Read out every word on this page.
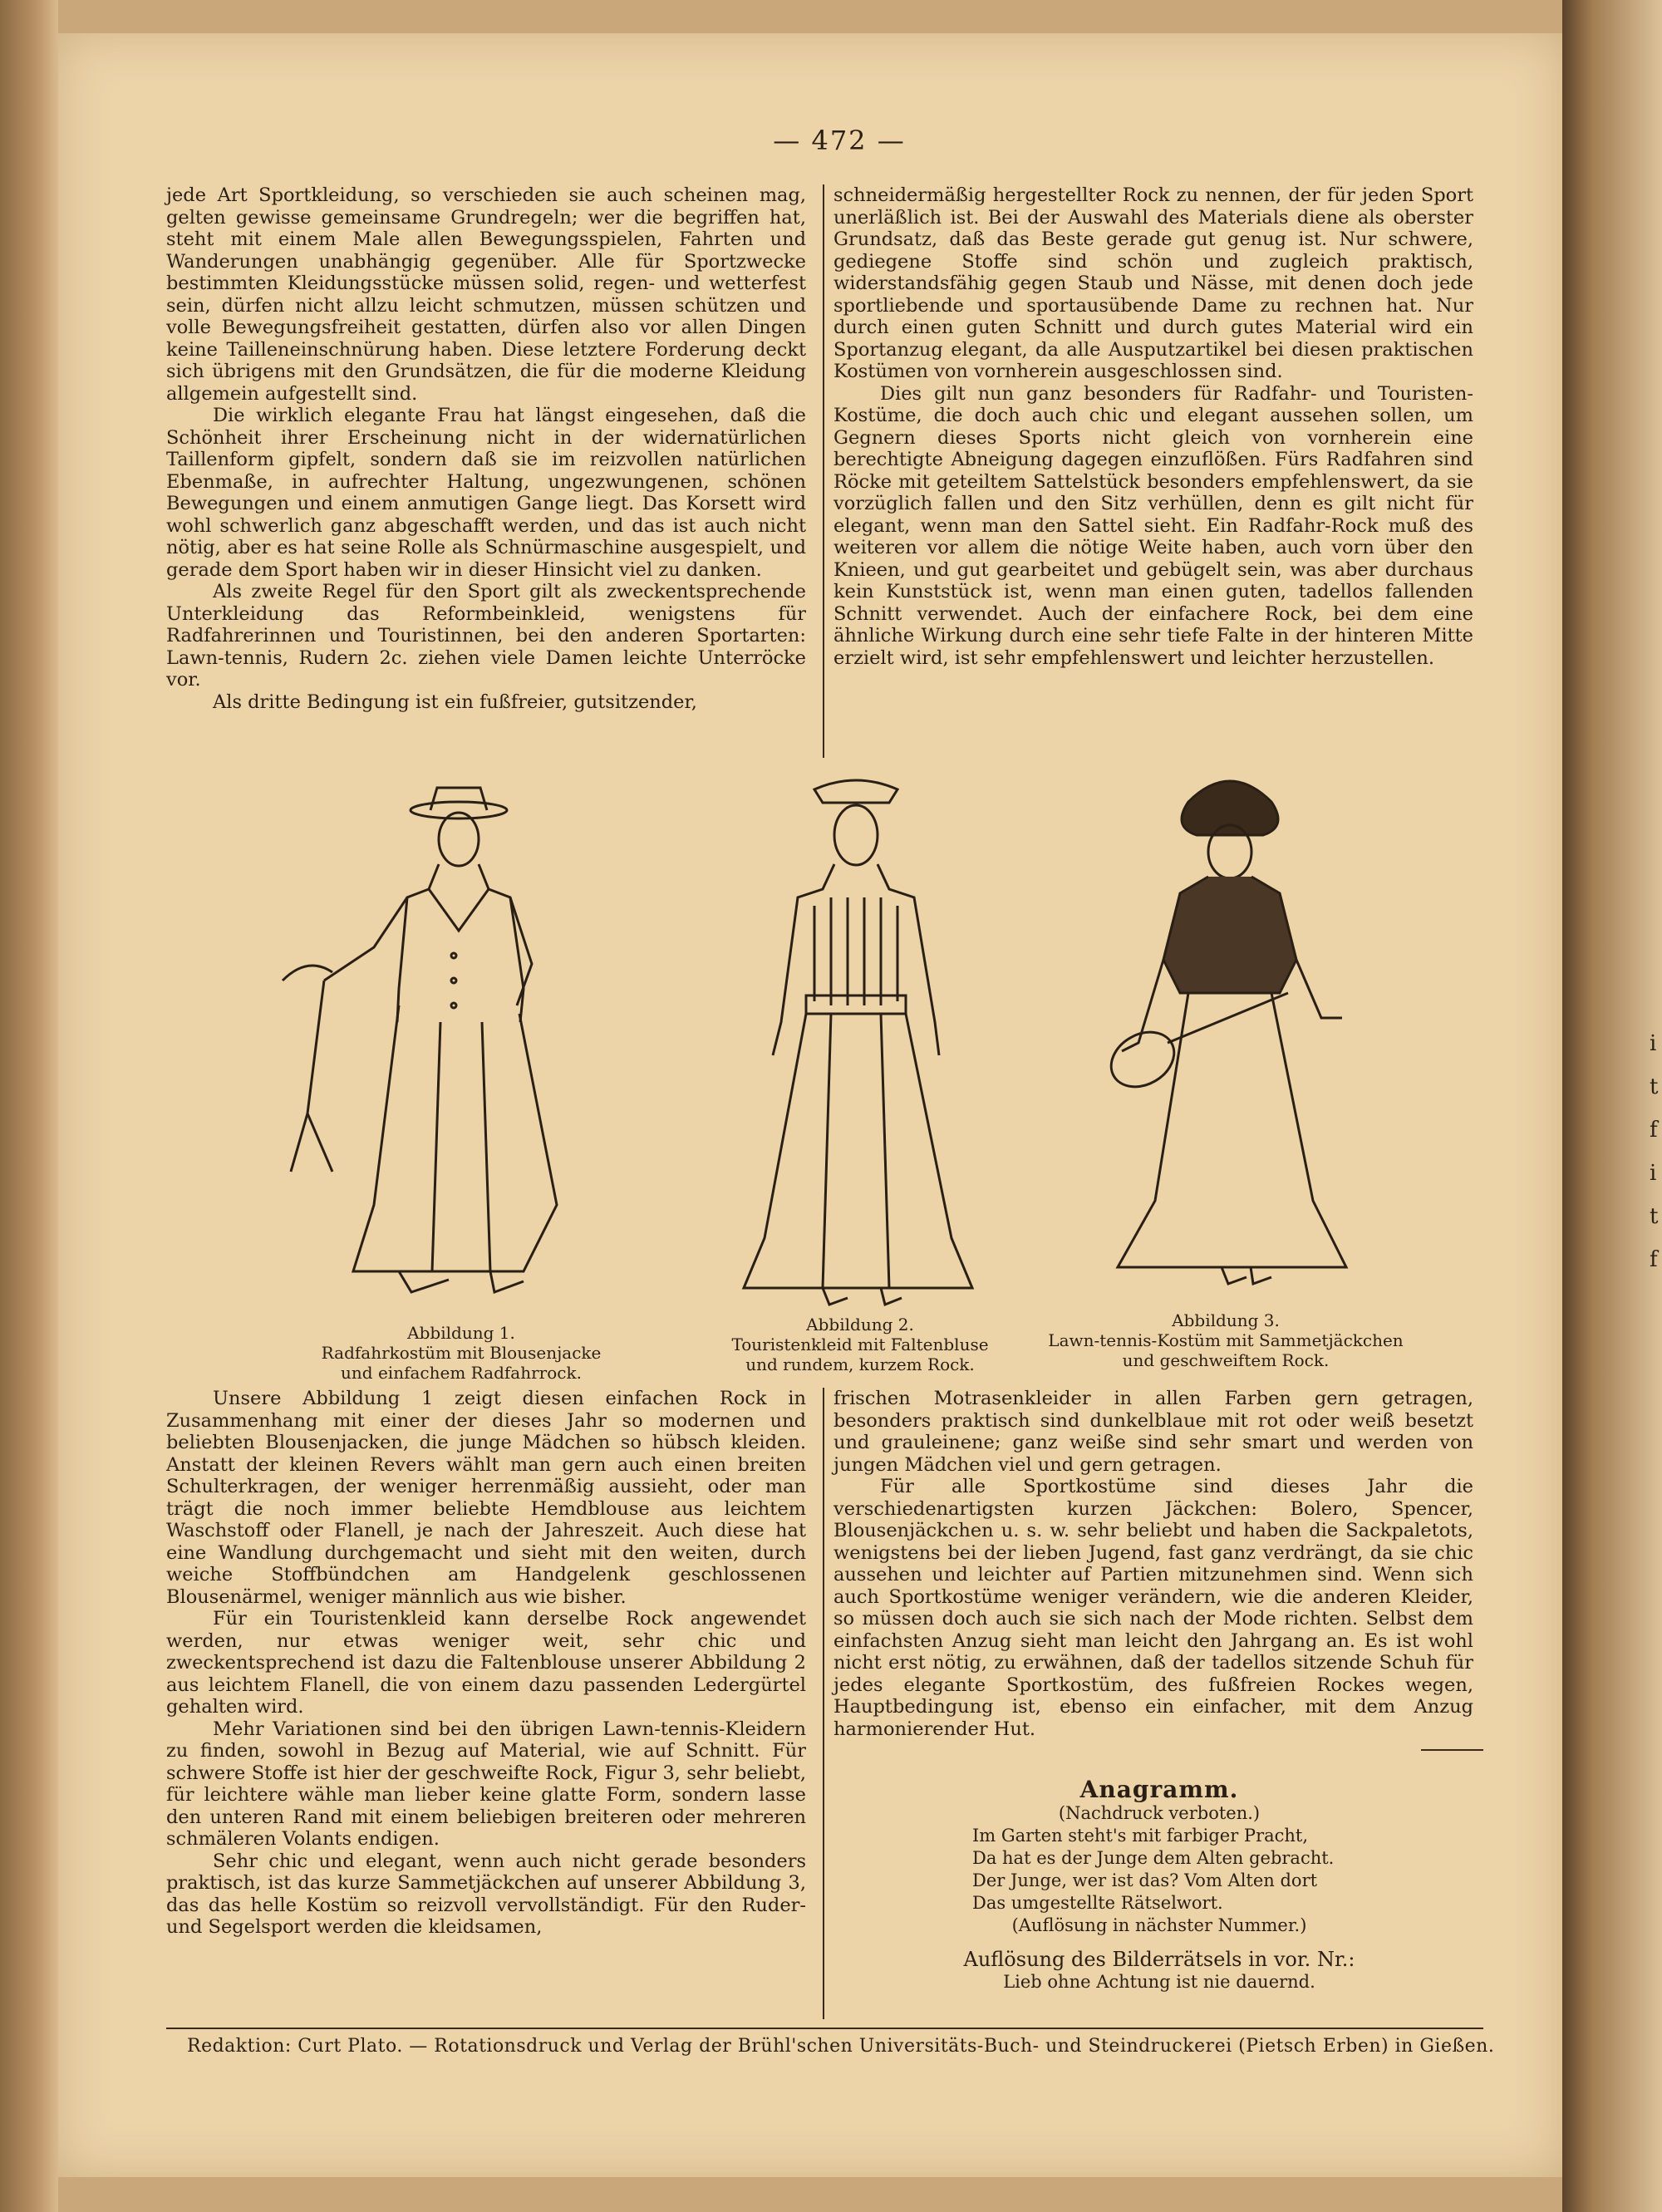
i
t
f
i
t
f
— 472 —

jede Art Sportkleidung, so verschieden sie auch scheinen mag, gelten gewisse gemeinsame Grundregeln; wer die begriffen hat, steht mit einem Male allen Bewegungsspielen, Fahrten und Wanderungen unabhängig gegenüber. Alle für Sportzwecke bestimmten Kleidungsstücke müssen solid, regen- und wetterfest sein, dürfen nicht allzu leicht schmutzen, müssen schützen und volle Bewegungsfreiheit gestatten, dürfen also vor allen Dingen keine Tailleneinschnürung haben. Diese letztere Forderung deckt sich übrigens mit den Grundsätzen, die für die moderne Kleidung allgemein aufgestellt sind.

Die wirklich elegante Frau hat längst eingesehen, daß die Schönheit ihrer Erscheinung nicht in der widernatürlichen Taillenform gipfelt, sondern daß sie im reizvollen natürlichen Ebenmaße, in aufrechter Haltung, ungezwungenen, schönen Bewegungen und einem anmutigen Gange liegt. Das Korsett wird wohl schwerlich ganz abgeschafft werden, und das ist auch nicht nötig, aber es hat seine Rolle als Schnürmaschine ausgespielt, und gerade dem Sport haben wir in dieser Hinsicht viel zu danken.

Als zweite Regel für den Sport gilt als zweckentsprechende Unterkleidung das Reformbeinkleid, wenigstens für Radfahrerinnen und Touristinnen, bei den anderen Sportarten: Lawn-tennis, Rudern 2c. ziehen viele Damen leichte Unterröcke vor.

Als dritte Bedingung ist ein fußfreier, gutsitzender,

schneidermäßig hergestellter Rock zu nennen, der für jeden Sport unerläßlich ist. Bei der Auswahl des Materials diene als oberster Grundsatz, daß das Beste gerade gut genug ist. Nur schwere, gediegene Stoffe sind schön und zugleich praktisch, widerstandsfähig gegen Staub und Nässe, mit denen doch jede sportliebende und sportausübende Dame zu rechnen hat. Nur durch einen guten Schnitt und durch gutes Material wird ein Sportanzug elegant, da alle Ausputzartikel bei diesen praktischen Kostümen von vornherein ausgeschlossen sind.

Dies gilt nun ganz besonders für Radfahr- und Touristen-Kostüme, die doch auch chic und elegant aussehen sollen, um Gegnern dieses Sports nicht gleich von vornherein eine berechtigte Abneigung dagegen einzuflößen. Fürs Radfahren sind Röcke mit geteiltem Sattelstück besonders empfehlenswert, da sie vorzüglich fallen und den Sitz verhüllen, denn es gilt nicht für elegant, wenn man den Sattel sieht. Ein Radfahr-Rock muß des weiteren vor allem die nötige Weite haben, auch vorn über den Knieen, und gut gearbeitet und gebügelt sein, was aber durchaus kein Kunststück ist, wenn man einen guten, tadellos fallenden Schnitt verwendet. Auch der einfachere Rock, bei dem eine ähnliche Wirkung durch eine sehr tiefe Falte in der hinteren Mitte erzielt wird, ist sehr empfehlenswert und leichter herzustellen.

Abbildung 1.
Radfahrkostüm mit Blousenjacke
und einfachem Radfahrrock.
Abbildung 2.
Touristenkleid mit Faltenbluse
und rundem, kurzem Rock.
Abbildung 3.
Lawn-tennis-Kostüm mit Sammetjäckchen
und geschweiftem Rock.

Unsere Abbildung 1 zeigt diesen einfachen Rock in Zusammenhang mit einer der dieses Jahr so modernen und beliebten Blousenjacken, die junge Mädchen so hübsch kleiden. Anstatt der kleinen Revers wählt man gern auch einen breiten Schulterkragen, der weniger herrenmäßig aussieht, oder man trägt die noch immer beliebte Hemdblouse aus leichtem Waschstoff oder Flanell, je nach der Jahreszeit. Auch diese hat eine Wandlung durchgemacht und sieht mit den weiten, durch weiche Stoffbündchen am Handgelenk geschlossenen Blousenärmel, weniger männlich aus wie bisher.

Für ein Touristenkleid kann derselbe Rock angewendet werden, nur etwas weniger weit, sehr chic und zweckentsprechend ist dazu die Faltenblouse unserer Abbildung 2 aus leichtem Flanell, die von einem dazu passenden Ledergürtel gehalten wird.

Mehr Variationen sind bei den übrigen Lawn-tennis-Kleidern zu finden, sowohl in Bezug auf Material, wie auf Schnitt. Für schwere Stoffe ist hier der geschweifte Rock, Figur 3, sehr beliebt, für leichtere wähle man lieber keine glatte Form, sondern lasse den unteren Rand mit einem beliebigen breiteren oder mehreren schmäleren Volants endigen.

Sehr chic und elegant, wenn auch nicht gerade besonders praktisch, ist das kurze Sammetjäckchen auf unserer Abbildung 3, das das helle Kostüm so reizvoll vervollständigt. Für den Ruder- und Segelsport werden die kleidsamen,

frischen Motrasenkleider in allen Farben gern getragen, besonders praktisch sind dunkelblaue mit rot oder weiß besetzt und grauleinene; ganz weiße sind sehr smart und werden von jungen Mädchen viel und gern getragen.

Für alle Sportkostüme sind dieses Jahr die verschiedenartigsten kurzen Jäckchen: Bolero, Spencer, Blousenjäckchen u. s. w. sehr beliebt und haben die Sackpaletots, wenigstens bei der lieben Jugend, fast ganz verdrängt, da sie chic aussehen und leichter auf Partien mitzunehmen sind. Wenn sich auch Sportkostüme weniger verändern, wie die anderen Kleider, so müssen doch auch sie sich nach der Mode richten. Selbst dem einfachsten Anzug sieht man leicht den Jahrgang an. Es ist wohl nicht erst nötig, zu erwähnen, daß der tadellos sitzende Schuh für jedes elegante Sportkostüm, des fußfreien Rockes wegen, Hauptbedingung ist, ebenso ein einfacher, mit dem Anzug harmonierender Hut.

Anagramm.
(Nachdruck verboten.)
Im Garten steht's mit farbiger Pracht,
Da hat es der Junge dem Alten gebracht.
Der Junge, wer ist das? Vom Alten dort
Das umgestellte Rätselwort.
(Auflösung in nächster Nummer.)
Auflösung des Bilderrätsels in vor. Nr.:
Lieb ohne Achtung ist nie dauernd.
Redaktion: Curt Plato. — Rotationsdruck und Verlag der Brühl'schen Universitäts-Buch- und Steindruckerei (Pietsch Erben) in Gießen.
